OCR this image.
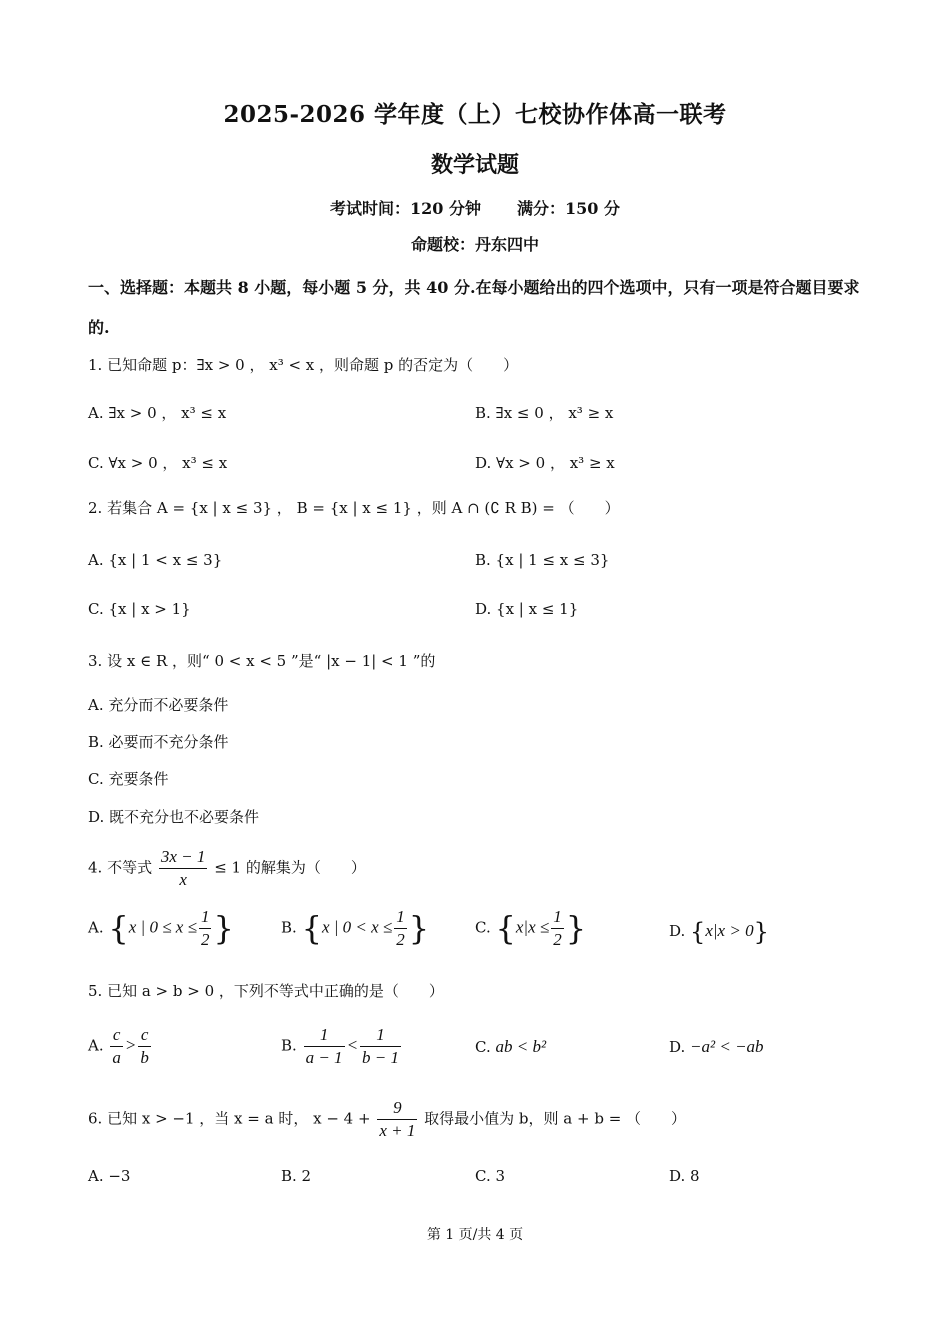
2025-2026 学年度（上）七校协作体高一联考
数学试题
考试时间：120 分钟 满分：150 分
命题校：丹东四中
一、选择题：本题共 8 小题，每小题 5 分，共 40 分.在每小题给出的四个选项中，只有一项是符合题目要求的.
1. 已知命题 p：∃x > 0 ， x³ < x ，则命题 p 的否定为（　　）
A. ∃x > 0 ， x³ ≤ x	B. ∃x ≤ 0 ， x³ ≥ x
C. ∀x > 0 ， x³ ≤ x	D. ∀x > 0 ， x³ ≥ x
2. 若集合 A = {x | x ≤ 3} ， B = {x | x ≤ 1} ，则 A ∩ (∁ R B) = （　　）
A. {x | 1 < x ≤ 3}	B. {x | 1 ≤ x ≤ 3}
C. {x | x > 1}	D. {x | x ≤ 1}
3. 设 x ∈ R ，则“ 0 < x < 5 ”是“ |x − 1| < 1 ”的
A. 充分而不必要条件
B. 必要而不充分条件
C. 充要条件
D. 既不充分也不必要条件
4. 不等式 $\frac{3x - 1}{x} \le 1$ 的解集为（　　）
A. {x | $0 \le x \le \frac{1}{2}$ }	B. {x | $0 < x \le \frac{1}{2}$ }	C. {$x|x \le \frac{1}{2}$ }	D. {x|x > 0}
5. 已知 a > b > 0 ，下列不等式中正确的是（　　）
A. $\frac{c}{a} > \frac{c}{b}$	B. $\frac{1}{a - 1} < \frac{1}{b - 1}$	C. ab < b²	D. −a² < −ab
6. 已知 x > −1 ，当 x = a 时， $x - 4 + \frac{9}{x + 1}$ 取得最小值为 b，则 a + b = （　　）
A. −3	B. 2	C. 3	D. 8
第 1 页/共 4 页
